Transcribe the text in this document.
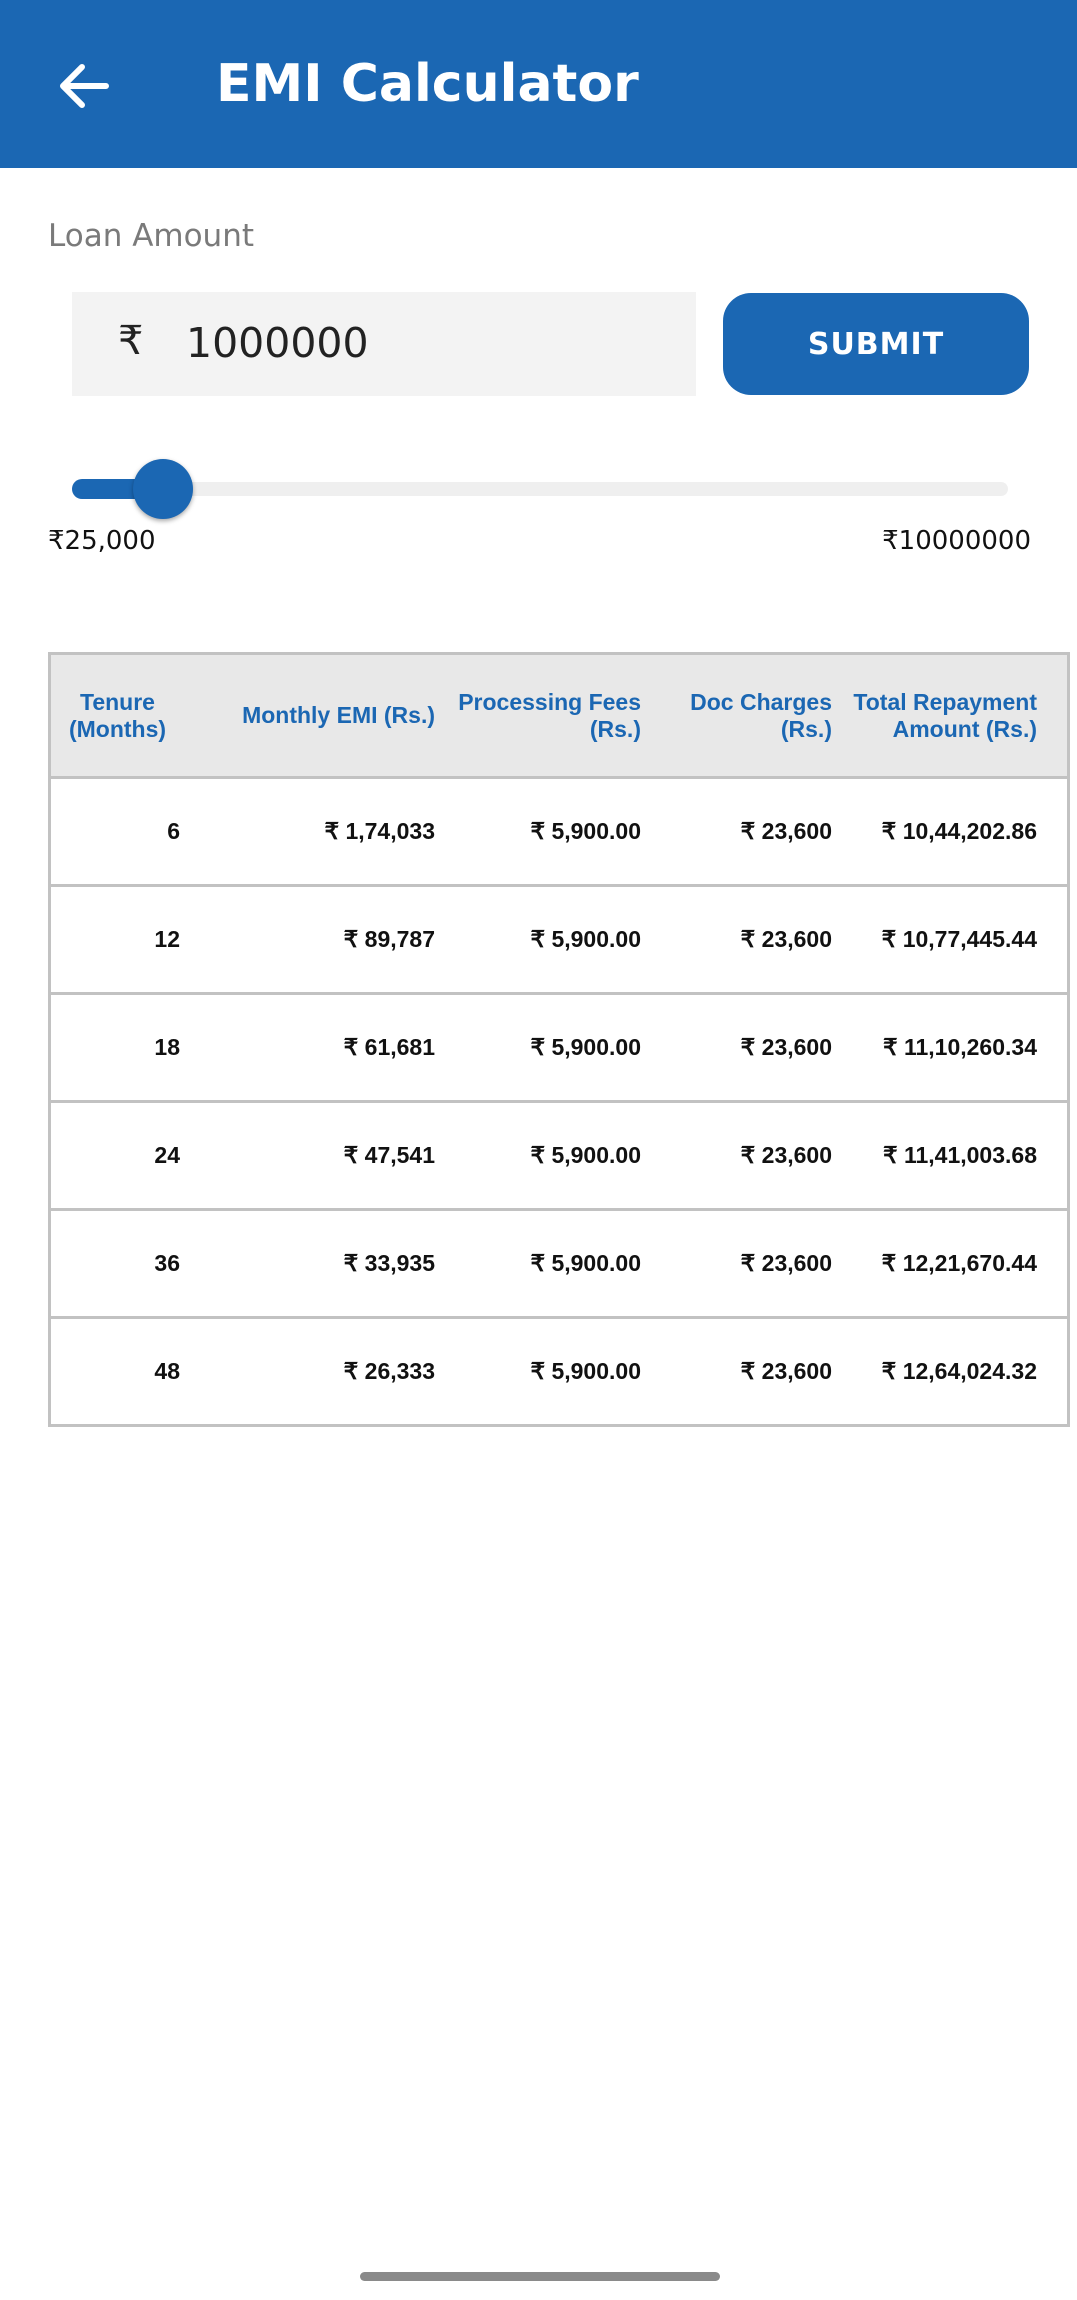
EMI Calculator
Loan Amount
₹
1000000	SUBMIT
₹25,000	₹10000000
Tenure (Months)	Monthly EMI (Rs.)	Processing Fees (Rs.)	Doc Charges (Rs.)	Total Repayment Amount (Rs.)
6	₹ 1,74,033	₹ 5,900.00	₹ 23,600	₹ 10,44,202.86
12	₹ 89,787	₹ 5,900.00	₹ 23,600	₹ 10,77,445.44
18	₹ 61,681	₹ 5,900.00	₹ 23,600	₹ 11,10,260.34
24	₹ 47,541	₹ 5,900.00	₹ 23,600	₹ 11,41,003.68
36	₹ 33,935	₹ 5,900.00	₹ 23,600	₹ 12,21,670.44
48	₹ 26,333	₹ 5,900.00	₹ 23,600	₹ 12,64,024.32
